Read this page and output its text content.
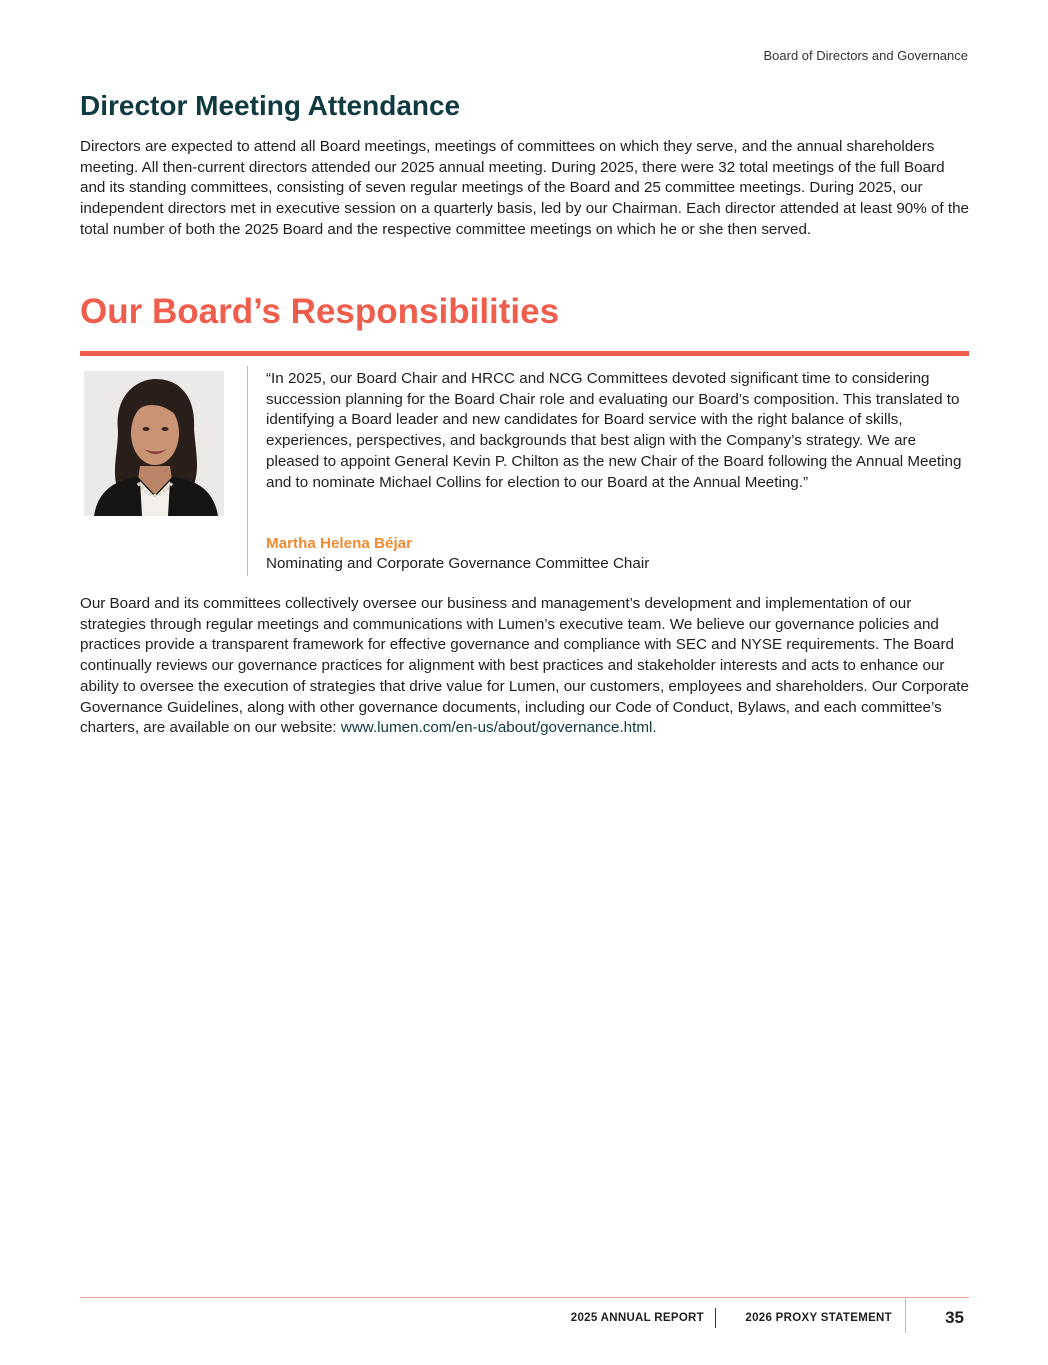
Board of Directors and Governance
Director Meeting Attendance

Directors are expected to attend all Board meetings, meetings of committees on which they serve, and the annual shareholders meeting. All then-current directors attended our 2025 annual meeting. During 2025, there were 32 total meetings of the full Board and its standing committees, consisting of seven regular meetings of the Board and 25 committee meetings. During 2025, our independent directors met in executive session on a quarterly basis, led by our Chairman. Each director attended at least 90% of the total number of both the 2025 Board and the respective committee meetings on which he or she then served.

Our Board’s Responsibilities

“In 2025, our Board Chair and HRCC and NCG Committees devoted significant time to considering succession planning for the Board Chair role and evaluating our Board’s composition. This translated to identifying a Board leader and new candidates for Board service with the right balance of skills, experiences, perspectives, and backgrounds that best align with the Company’s strategy. We are pleased to appoint General Kevin P. Chilton as the new Chair of the Board following the Annual Meeting and to nominate Michael Collins for election to our Board at the Annual Meeting.”

Martha Helena Béjar
Nominating and Corporate Governance Committee Chair

Our Board and its committees collectively oversee our business and management’s development and implementation of our strategies through regular meetings and communications with Lumen’s executive team. We believe our governance policies and practices provide a transparent framework for effective governance and compliance with SEC and NYSE requirements. The Board continually reviews our governance practices for alignment with best practices and stakeholder interests and acts to enhance our ability to oversee the execution of strategies that drive value for Lumen, our customers, employees and shareholders. Our Corporate Governance Guidelines, along with other governance documents, including our Code of Conduct, Bylaws, and each committee’s charters, are available on our website: www.lumen.com/en-us/about/governance.html.

2025 ANNUAL REPORT	2026 PROXY STATEMENT	35
